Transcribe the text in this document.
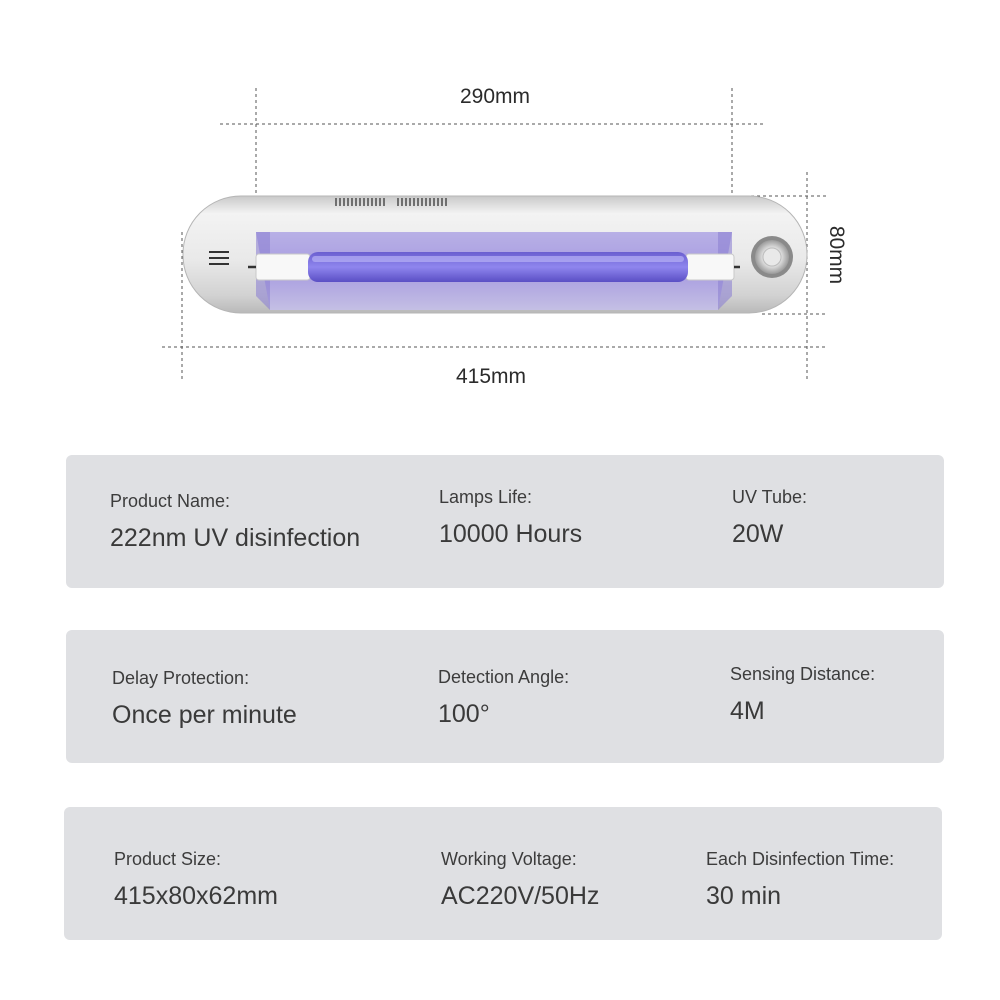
290mm
415mm
80mm
Product Name:
222nm UV disinfection
Lamps Life:
10000 Hours
UV Tube:
20W
Delay Protection:
Once per minute
Detection Angle:
100°
Sensing Distance:
4M
Product Size:
415x80x62mm
Working Voltage:
AC220V/50Hz
Each Disinfection Time:
30 min
